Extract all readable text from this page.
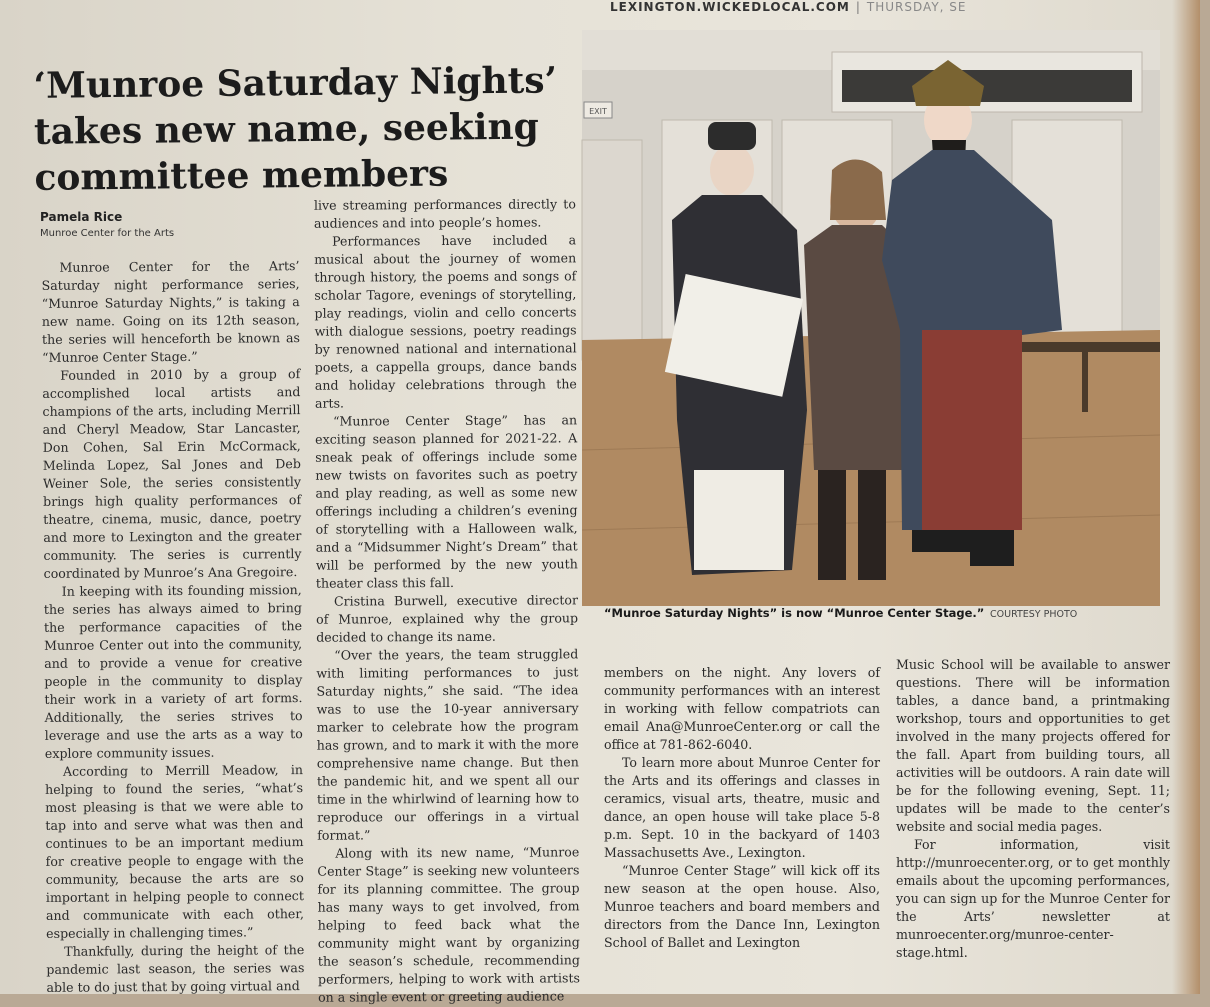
LEXINGTON.WICKEDLOCAL.COM | THURSDAY, SE
‘Munroe Saturday Nights’ takes new name, seeking committee members
Pamela Rice
Munroe Center for the Arts

Munroe Center for the Arts’ Saturday night performance series, “Munroe Saturday Nights,” is taking a new name. Going on its 12th season, the series will henceforth be known as “Munroe Center Stage.”

Founded in 2010 by a group of accomplished local artists and champions of the arts, including Merrill and Cheryl Meadow, Star Lancaster, Don Cohen, Sal Erin McCormack, Melinda Lopez, Sal Jones and Deb Weiner Sole, the series consistently brings high quality performances of theatre, cinema, music, dance, poetry and more to Lexington and the greater community. The series is currently coordinated by Munroe’s Ana Gregoire.

In keeping with its founding mission, the series has always aimed to bring the performance capacities of the Munroe Center out into the community, and to provide a venue for creative people in the community to display their work in a variety of art forms. Additionally, the series strives to leverage and use the arts as a way to explore community issues.

According to Merrill Meadow, in helping to found the series, “what’s most pleasing is that we were able to tap into and serve what was then and continues to be an important medium for creative people to engage with the community, because the arts are so important in helping people to connect and communicate with each other, especially in challenging times.”

Thankfully, during the height of the pandemic last season, the series was able to do just that by going virtual and

live streaming performances directly to audiences and into people’s homes.

Performances have included a musical about the journey of women through history, the poems and songs of scholar Tagore, evenings of storytelling, play readings, violin and cello concerts with dialogue sessions, poetry readings by renowned national and international poets, a cappella groups, dance bands and holiday celebrations through the arts.

“Munroe Center Stage” has an exciting season planned for 2021-22. A sneak peak of offerings include some new twists on favorites such as poetry and play reading, as well as some new offerings including a children’s evening of storytelling with a Halloween walk, and a “Midsummer Night’s Dream” that will be performed by the new youth theater class this fall.

Cristina Burwell, executive director of Munroe, explained why the group decided to change its name.

“Over the years, the team struggled with limiting performances to just Saturday nights,” she said. “The idea was to use the 10-year anniversary marker to celebrate how the program has grown, and to mark it with the more comprehensive name change. But then the pandemic hit, and we spent all our time in the whirlwind of learning how to reproduce our offerings in a virtual format.”

Along with its new name, “Munroe Center Stage” is seeking new volunteers for its planning committee. The group has many ways to get involved, from helping to feed back what the community might want by organizing the season’s schedule, recommending performers, helping to work with artists on a single event or greeting audience

EXIT
“Munroe Saturday Nights” is now “Munroe Center Stage.” COURTESY PHOTO

members on the night. Any lovers of community performances with an interest in working with fellow compatriots can email Ana@MunroeCenter.org or call the office at 781-862-6040.

To learn more about Munroe Center for the Arts and its offerings and classes in ceramics, visual arts, theatre, music and dance, an open house will take place 5-8 p.m. Sept. 10 in the backyard of 1403 Massachusetts Ave., Lexington.

“Munroe Center Stage” will kick off its new season at the open house. Also, Munroe teachers and board members and directors from the Dance Inn, Lexington School of Ballet and Lexington

Music School will be available to answer questions. There will be information tables, a dance band, a printmaking workshop, tours and opportunities to get involved in the many projects offered for the fall. Apart from building tours, all activities will be outdoors. A rain date will be for the following evening, Sept. 11; updates will be made to the center’s website and social media pages.

For information, visit http://munroecenter.org, or to get monthly emails about the upcoming performances, you can sign up for the Munroe Center for the Arts’ newsletter at munroecenter.org/munroe-center-stage.html.
